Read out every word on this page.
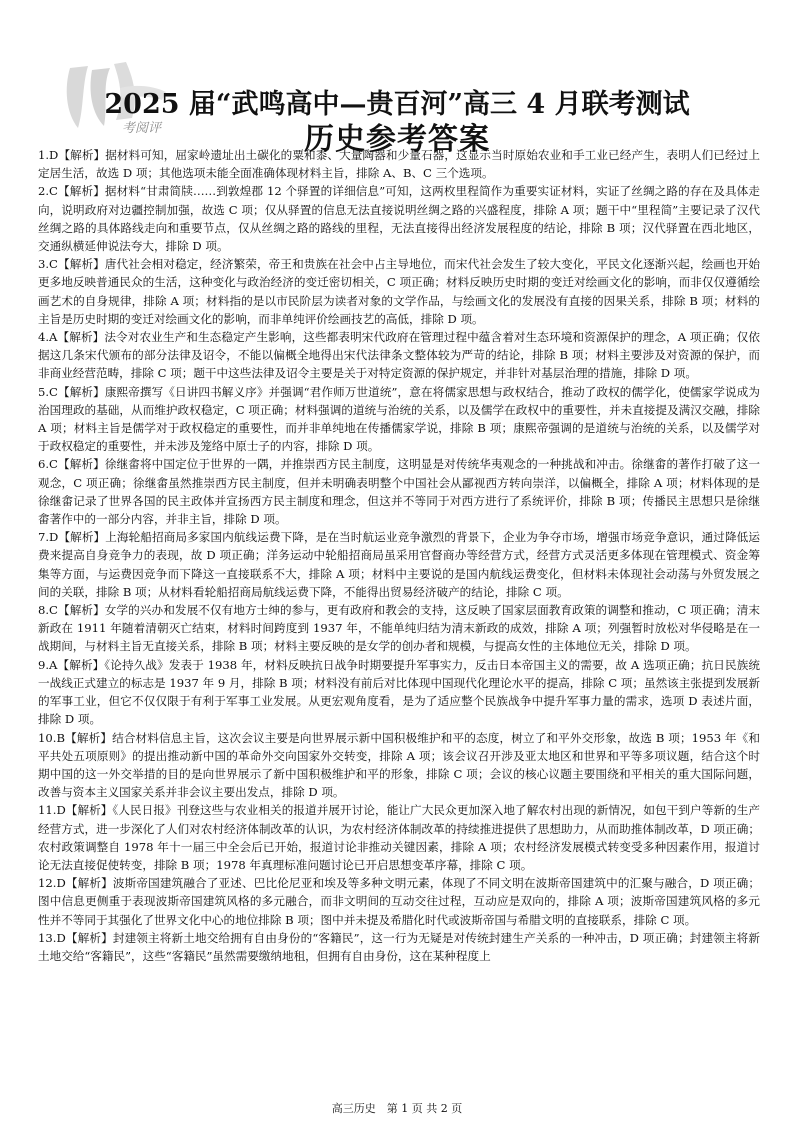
考阅评
2025 届“武鸣高中—贵百河”高三 4 月联考测试
历史参考答案

1.D【解析】据材料可知，屈家岭遗址出土碳化的粟和黍、大量陶器和少量石器，这显示当时原始农业和手工业已经产生，表明人们已经过上定居生活，故选 D 项；其他选项未能全面准确体现材料主旨，排除 A、B、C 三个选项。

2.C【解析】据材料“甘肃简牍……到敦煌郡 12 个驿置的详细信息”可知，这两枚里程简作为重要实证材料，实证了丝绸之路的存在及具体走向，说明政府对边疆控制加强，故选 C 项；仅从驿置的信息无法直接说明丝绸之路的兴盛程度，排除 A 项；题干中“里程简”主要记录了汉代丝绸之路的具体路线走向和重要节点，仅从丝绸之路的路线的里程，无法直接得出经济发展程度的结论，排除 B 项；汉代驿置在西北地区，交通纵横延伸说法夸大，排除 D 项。

3.C【解析】唐代社会相对稳定，经济繁荣，帝王和贵族在社会中占主导地位，而宋代社会发生了较大变化，平民文化逐渐兴起，绘画也开始更多地反映普通民众的生活，这种变化与政治经济的变迁密切相关，C 项正确；材料反映历史时期的变迁对绘画文化的影响，而非仅仅遵循绘画艺术的自身规律，排除 A 项；材料指的是以市民阶层为读者对象的文学作品，与绘画文化的发展没有直接的因果关系，排除 B 项；材料的主旨是历史时期的变迁对绘画文化的影响，而非单纯评价绘画技艺的高低，排除 D 项。

4.A【解析】法令对农业生产和生态稳定产生影响，这些都表明宋代政府在管理过程中蕴含着对生态环境和资源保护的理念，A 项正确；仅依据这几条宋代颁布的部分法律及诏令，不能以偏概全地得出宋代法律条文整体较为严苛的结论，排除 B 项；材料主要涉及对资源的保护，而非商业经营范畴，排除 C 项；题干中这些法律及诏令主要是关于对特定资源的保护规定，并非针对基层治理的措施，排除 D 项。

5.C【解析】康熙帝撰写《日讲四书解义序》并强调“君作师万世道统”，意在将儒家思想与政权结合，推动了政权的儒学化，使儒家学说成为治国理政的基础，从而维护政权稳定，C 项正确；材料强调的道统与治统的关系，以及儒学在政权中的重要性，并未直接提及满汉交融，排除 A 项；材料主旨是儒学对于政权稳定的重要性，而并非单纯地在传播儒家学说，排除 B 项；康熙帝强调的是道统与治统的关系，以及儒学对于政权稳定的重要性，并未涉及笼络中原士子的内容，排除 D 项。

6.C【解析】徐继畬将中国定位于世界的一隅，并推崇西方民主制度，这明显是对传统华夷观念的一种挑战和冲击。徐继畬的著作打破了这一观念，C 项正确；徐继畬虽然推崇西方民主制度，但并未明确表明整个中国社会从鄙视西方转向崇洋，以偏概全，排除 A 项；材料体现的是徐继畬记录了世界各国的民主政体并宣扬西方民主制度和理念，但这并不等同于对西方进行了系统评价，排除 B 项；传播民主思想只是徐继畬著作中的一部分内容，并非主旨，排除 D 项。

7.D【解析】上海轮船招商局多家国内航线运费下降，是在当时航运业竞争激烈的背景下，企业为争夺市场，增强市场竞争意识，通过降低运费来提高自身竞争力的表现，故 D 项正确；洋务运动中轮船招商局虽采用官督商办等经营方式，经营方式灵活更多体现在管理模式、资金筹集等方面，与运费因竞争而下降这一直接联系不大，排除 A 项；材料中主要说的是国内航线运费变化，但材料未体现社会动荡与外贸发展之间的关联，排除 B 项；从材料看轮船招商局航线运费下降，不能得出贸易经济破产的结论，排除 C 项。

8.C【解析】女学的兴办和发展不仅有地方士绅的参与，更有政府和教会的支持，这反映了国家层面教育政策的调整和推动，C 项正确；清末新政在 1911 年随着清朝灭亡结束，材料时间跨度到 1937 年，不能单纯归结为清末新政的成效，排除 A 项；列强暂时放松对华侵略是在一战期间，与材料主旨无直接关系，排除 B 项；材料主要反映的是女学的创办者和规模，与提高女性的主体地位无关，排除 D 项。

9.A【解析】《论持久战》发表于 1938 年，材料反映抗日战争时期要提升军事实力，反击日本帝国主义的需要，故 A 选项正确；抗日民族统一战线正式建立的标志是 1937 年 9 月，排除 B 项；材料没有前后对比体现中国现代化理论水平的提高，排除 C 项；虽然该主张提到发展新的军事工业，但它不仅仅限于有利于军事工业发展。从更宏观角度看，是为了适应整个民族战争中提升军事力量的需求，选项 D 表述片面，排除 D 项。

10.B【解析】结合材料信息主旨，这次会议主要是向世界展示新中国积极维护和平的态度，树立了和平外交形象，故选 B 项；1953 年《和平共处五项原则》的提出推动新中国的革命外交向国家外交转变，排除 A 项；该会议召开涉及亚太地区和世界和平等多项议题，结合这个时期中国的这一外交举措的目的是向世界展示了新中国积极维护和平的形象，排除 C 项；会议的核心议题主要围绕和平相关的重大国际问题，改善与资本主义国家关系并非会议主要出发点，排除 D 项。

11.D【解析】《人民日报》刊登这些与农业相关的报道并展开讨论，能让广大民众更加深入地了解农村出现的新情况，如包干到户等新的生产经营方式，进一步深化了人们对农村经济体制改革的认识，为农村经济体制改革的持续推进提供了思想助力，从而助推体制改革，D 项正确；农村政策调整自 1978 年十一届三中全会后已开始，报道讨论非推动关键因素，排除 A 项；农村经济发展模式转变受多种因素作用，报道讨论无法直接促使转变，排除 B 项；1978 年真理标准问题讨论已开启思想变革序幕，排除 C 项。

12.D【解析】波斯帝国建筑融合了亚述、巴比伦尼亚和埃及等多种文明元素，体现了不同文明在波斯帝国建筑中的汇聚与融合，D 项正确；图中信息更侧重于表现波斯帝国建筑风格的多元融合，而非文明间的互动交往过程，互动应是双向的，排除 A 项；波斯帝国建筑风格的多元性并不等同于其强化了世界文化中心的地位排除 B 项；图中并未提及希腊化时代或波斯帝国与希腊文明的直接联系，排除 C 项。

13.D【解析】封建领主将新土地交给拥有自由身份的“客籍民”，这一行为无疑是对传统封建生产关系的一种冲击，D 项正确；封建领主将新土地交给“客籍民”，这些“客籍民”虽然需要缴纳地租，但拥有自由身份，这在某种程度上

高三历史　第 1 页 共 2 页
